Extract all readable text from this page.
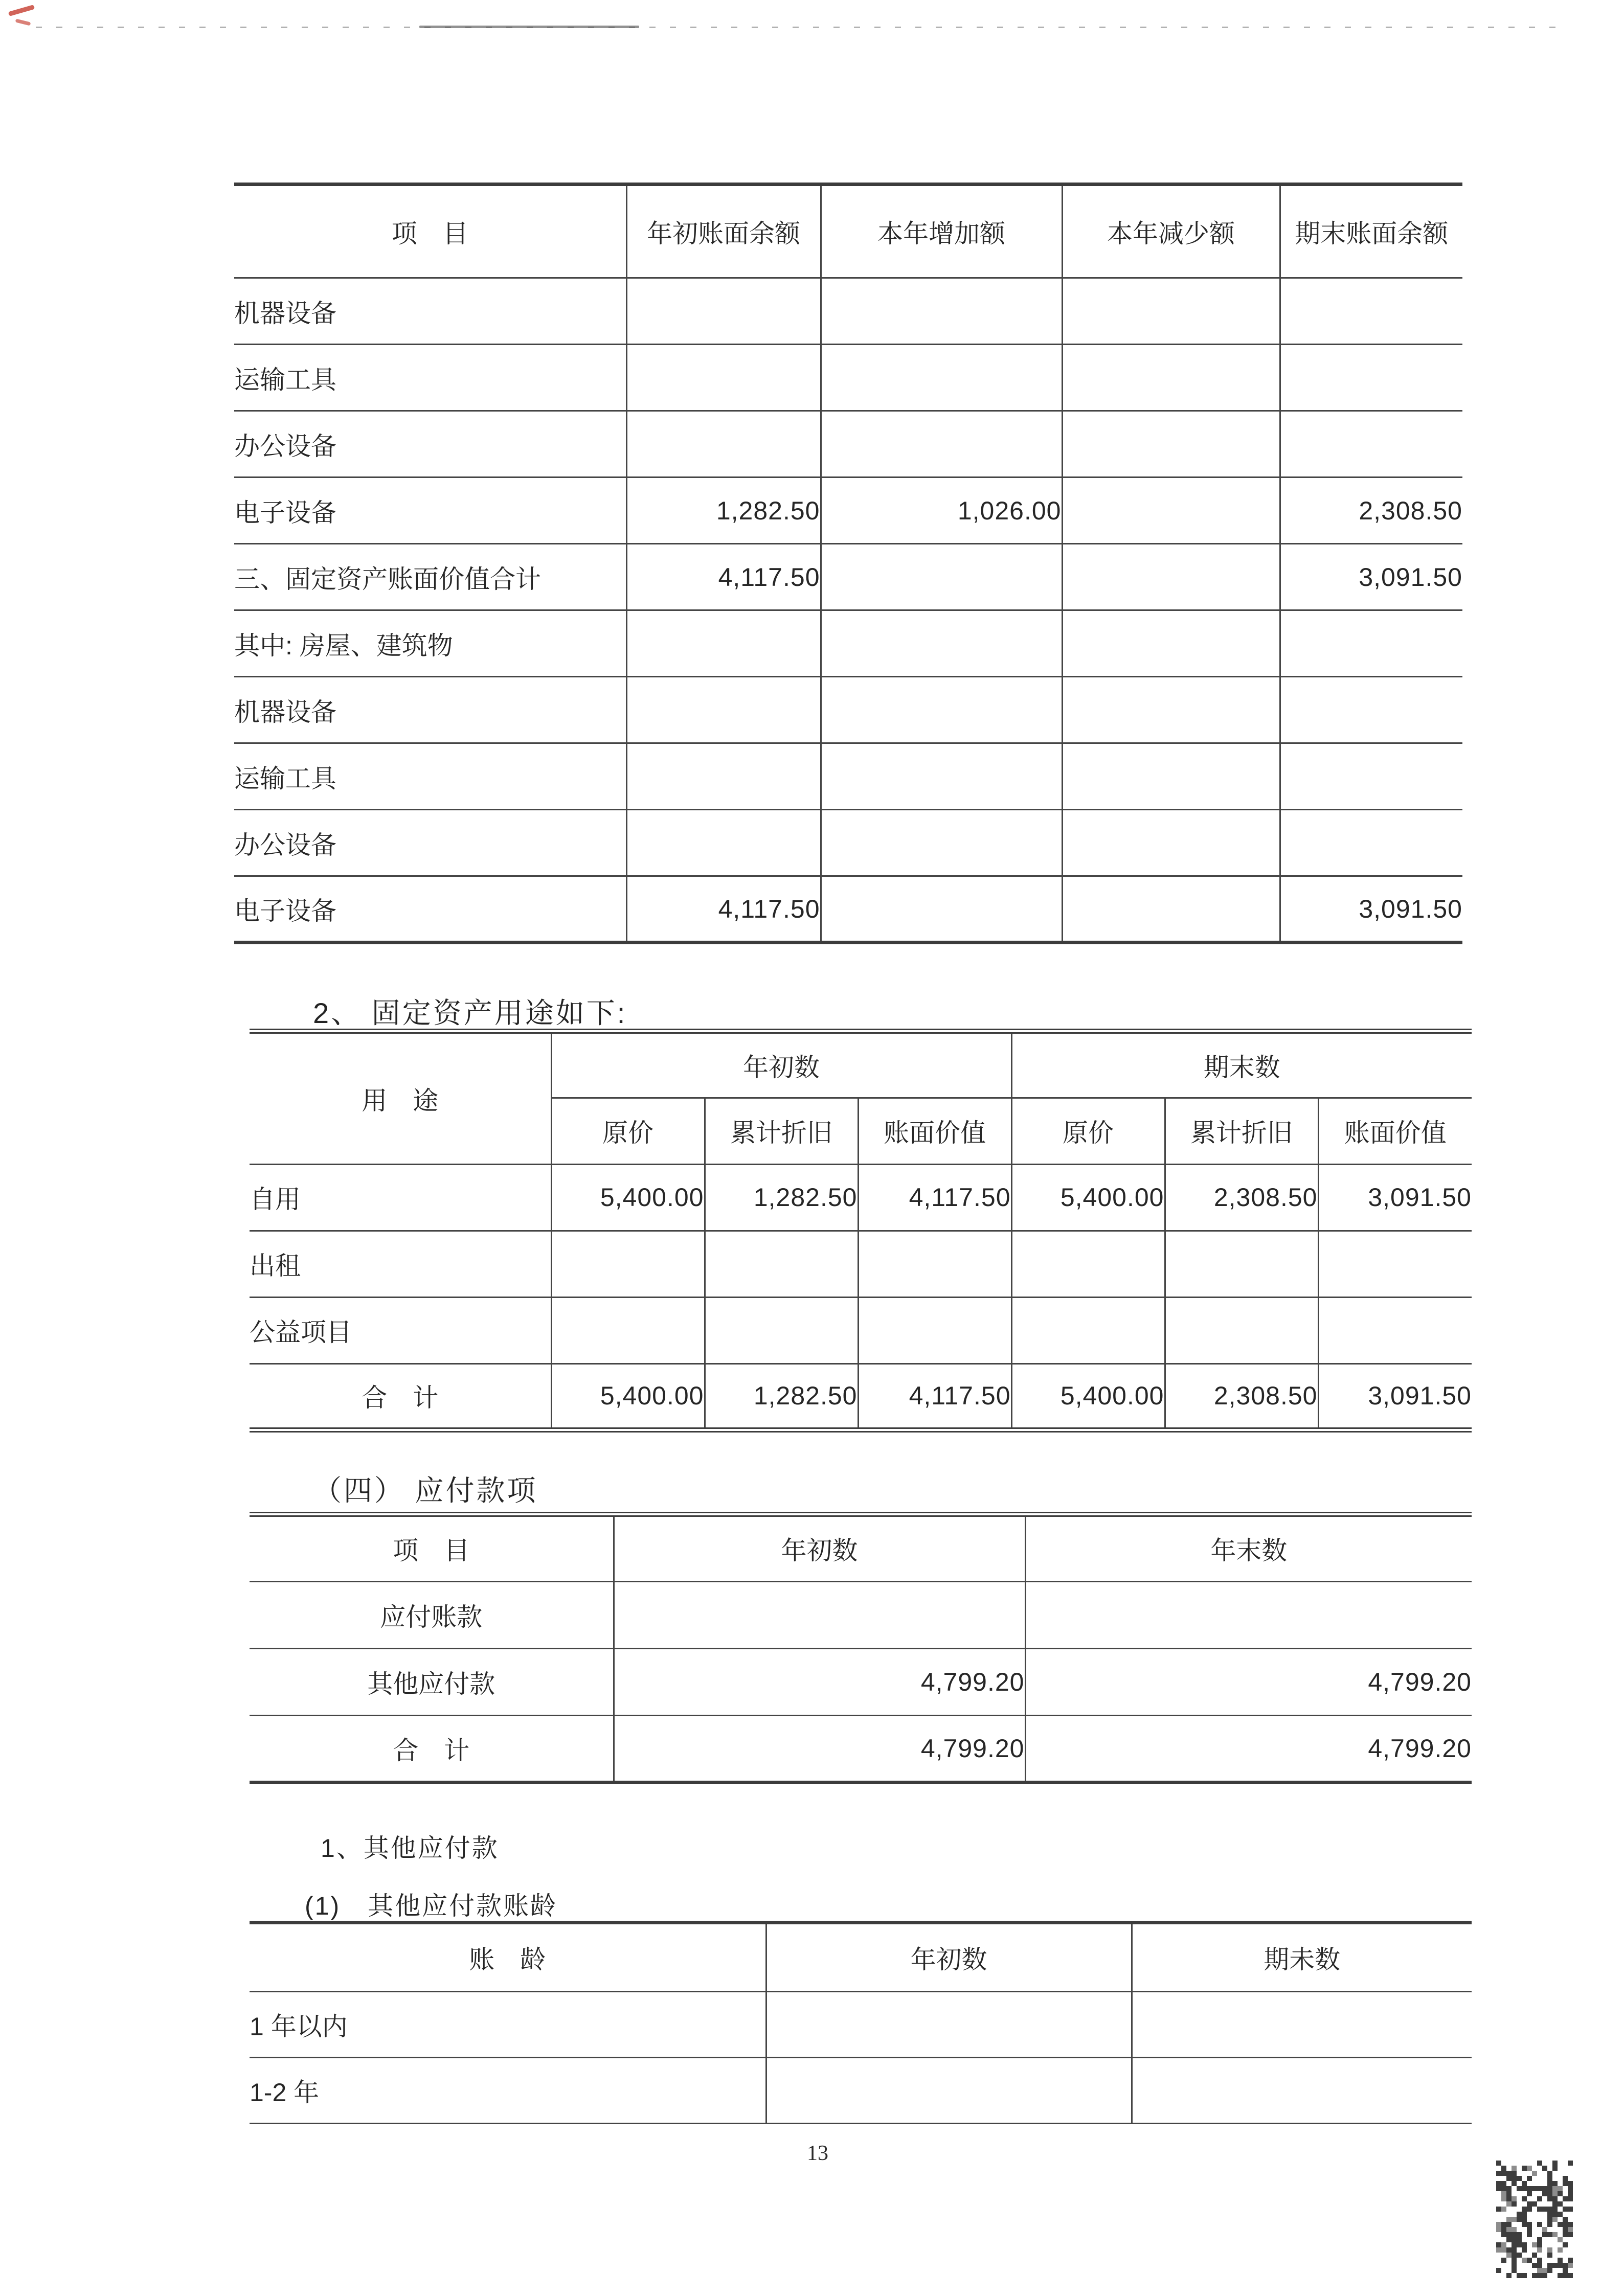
项　目	年初账面余额	本年增加额	本年减少额	期末账面余额
机器设备				
运输工具				
办公设备				
电子设备	1,282.50	1,026.00		2,308.50
三、固定资产账面价值合计	4,117.50			3,091.50
其中: 房屋、建筑物				
机器设备				
运输工具				
办公设备				
电子设备	4,117.50			3,091.50
2、 固定资产用途如下:
用　途	年初数			期末数		
	原价	累计折旧	账面价值	原价	累计折旧	账面价值
自用	5,400.00	1,282.50	4,117.50	5,400.00	2,308.50	3,091.50
出租						
公益项目						
合　计	5,400.00	1,282.50	4,117.50	5,400.00	2,308.50	3,091.50
（四） 应付款项
项　目	年初数	年末数
应付账款		
其他应付款	4,799.20	4,799.20
合　计	4,799.20	4,799.20
1、其他应付款
(1)　其他应付款账龄
账　龄	年初数	期未数
1 年以内		
1-2 年		
13
